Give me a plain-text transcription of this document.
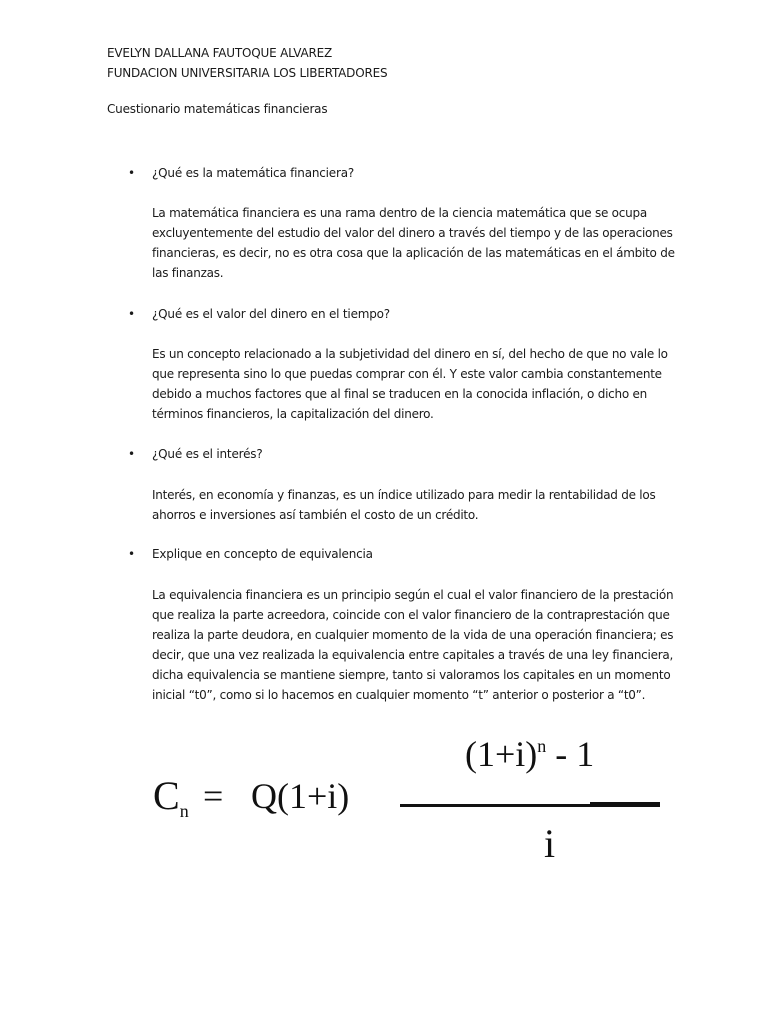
EVELYN DALLANA FAUTOQUE ALVAREZ
FUNDACION UNIVERSITARIA LOS LIBERTADORES
Cuestionario matemáticas financieras
• ¿Qué es la matemática financiera?
La matemática financiera es una rama dentro de la ciencia matemática que se ocupa
excluyentemente del estudio del valor del dinero a través del tiempo y de las operaciones
financieras, es decir, no es otra cosa que la aplicación de las matemáticas en el ámbito de
las finanzas.
• ¿Qué es el valor del dinero en el tiempo?
Es un concepto relacionado a la subjetividad del dinero en sí, del hecho de que no vale lo
que representa sino lo que puedas comprar con él. Y este valor cambia constantemente
debido a muchos factores que al final se traducen en la conocida inflación, o dicho en
términos financieros, la capitalización del dinero.
• ¿Qué es el interés?
Interés, en economía y finanzas, es un índice utilizado para medir la rentabilidad de los
ahorros e inversiones así también el costo de un crédito.
• Explique en concepto de equivalencia
La equivalencia financiera es un principio según el cual el valor financiero de la prestación
que realiza la parte acreedora, coincide con el valor financiero de la contraprestación que
realiza la parte deudora, en cualquier momento de la vida de una operación financiera; es
decir, que una vez realizada la equivalencia entre capitales a través de una ley financiera,
dicha equivalencia se mantiene siempre, tanto si valoramos los capitales en un momento
inicial “t0”, como si lo hacemos en cualquier momento “t” anterior o posterior a “t0”.
$C_n = Q(1+i)$
$(1+i)^n - 1$
i
